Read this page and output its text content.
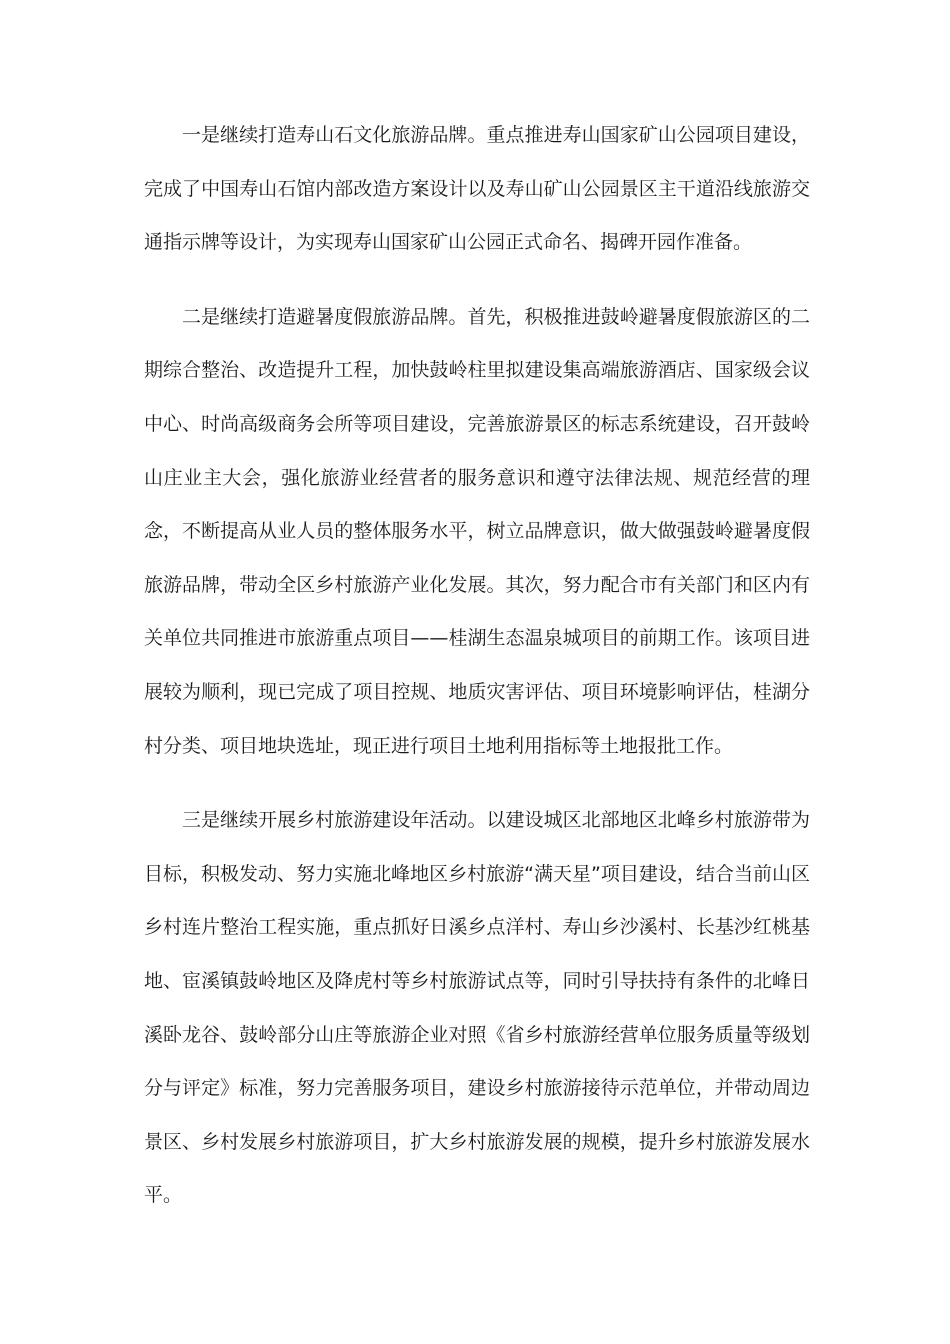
一是继续打造寿山石文化旅游品牌。重点推进寿山国家矿山公园项目建设，完成了中国寿山石馆内部改造方案设计以及寿山矿山公园景区主干道沿线旅游交通指示牌等设计，为实现寿山国家矿山公园正式命名、揭碑开园作准备。

二是继续打造避暑度假旅游品牌。首先，积极推进鼓岭避暑度假旅游区的二期综合整治、改造提升工程，加快鼓岭柱里拟建设集高端旅游酒店、国家级会议中心、时尚高级商务会所等项目建设，完善旅游景区的标志系统建设，召开鼓岭山庄业主大会，强化旅游业经营者的服务意识和遵守法律法规、规范经营的理念，不断提高从业人员的整体服务水平，树立品牌意识，做大做强鼓岭避暑度假旅游品牌，带动全区乡村旅游产业化发展。其次，努力配合市有关部门和区内有关单位共同推进市旅游重点项目——桂湖生态温泉城项目的前期工作。该项目进展较为顺利，现已完成了项目控规、地质灾害评估、项目环境影响评估，桂湖分村分类、项目地块选址，现正进行项目土地利用指标等土地报批工作。

三是继续开展乡村旅游建设年活动。以建设城区北部地区北峰乡村旅游带为目标，积极发动、努力实施北峰地区乡村旅游“满天星”项目建设，结合当前山区乡村连片整治工程实施，重点抓好日溪乡点洋村、寿山乡沙溪村、长基沙红桃基地、宦溪镇鼓岭地区及降虎村等乡村旅游试点等，同时引导扶持有条件的北峰日溪卧龙谷、鼓岭部分山庄等旅游企业对照《省乡村旅游经营单位服务质量等级划分与评定》标准，努力完善服务项目，建设乡村旅游接待示范单位，并带动周边景区、乡村发展乡村旅游项目，扩大乡村旅游发展的规模，提升乡村旅游发展水平。
